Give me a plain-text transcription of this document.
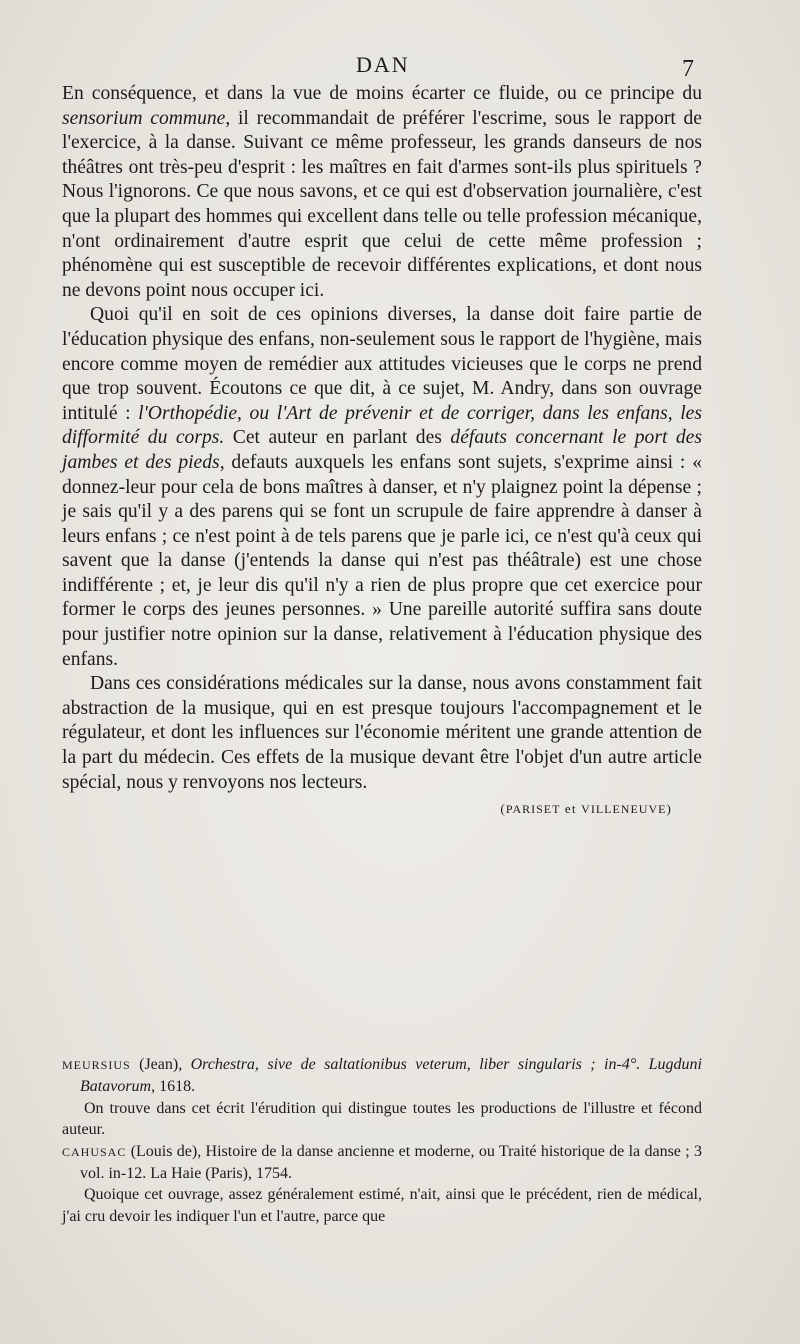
DAN	7

En conséquence, et dans la vue de moins écarter ce fluide, ou ce principe du sensorium commune, il recommandait de préférer l'escrime, sous le rapport de l'exercice, à la danse. Suivant ce même professeur, les grands danseurs de nos théâtres ont très-peu d'esprit : les maîtres en fait d'armes sont-ils plus spirituels ? Nous l'ignorons. Ce que nous savons, et ce qui est d'observation journalière, c'est que la plupart des hommes qui excellent dans telle ou telle profession mécanique, n'ont ordinairement d'autre esprit que celui de cette même profession ; phénomène qui est susceptible de recevoir différentes explications, et dont nous ne devons point nous occuper ici.

Quoi qu'il en soit de ces opinions diverses, la danse doit faire partie de l'éducation physique des enfans, non-seulement sous le rapport de l'hygiène, mais encore comme moyen de remédier aux attitudes vicieuses que le corps ne prend que trop souvent. Écoutons ce que dit, à ce sujet, M. Andry, dans son ouvrage intitulé : l'Orthopédie, ou l'Art de prévenir et de corriger, dans les enfans, les difformité du corps. Cet auteur en parlant des défauts concernant le port des jambes et des pieds, defauts auxquels les enfans sont sujets, s'exprime ainsi : « donnez-leur pour cela de bons maîtres à danser, et n'y plaignez point la dépense ; je sais qu'il y a des parens qui se font un scrupule de faire apprendre à danser à leurs enfans ; ce n'est point à de tels parens que je parle ici, ce n'est qu'à ceux qui savent que la danse (j'entends la danse qui n'est pas théâtrale) est une chose indifférente ; et, je leur dis qu'il n'y a rien de plus propre que cet exercice pour former le corps des jeunes personnes. » Une pareille autorité suffira sans doute pour justifier notre opinion sur la danse, relativement à l'éducation physique des enfans.

Dans ces considérations médicales sur la danse, nous avons constamment fait abstraction de la musique, qui en est presque toujours l'accompagnement et le régulateur, et dont les influences sur l'économie méritent une grande attention de la part du médecin. Ces effets de la musique devant être l'objet d'un autre article spécial, nous y renvoyons nos lecteurs.

(PARISET et VILLENEUVE)

MEURSIUS (Jean), Orchestra, sive de saltationibus veterum, liber singularis ; in-4°. Lugduni Batavorum, 1618.

On trouve dans cet écrit l'érudition qui distingue toutes les productions de l'illustre et fécond auteur.

CAHUSAC (Louis de), Histoire de la danse ancienne et moderne, ou Traité historique de la danse ; 3 vol. in-12. La Haie (Paris), 1754.

Quoique cet ouvrage, assez généralement estimé, n'ait, ainsi que le précédent, rien de médical, j'ai cru devoir les indiquer l'un et l'autre, parce que
